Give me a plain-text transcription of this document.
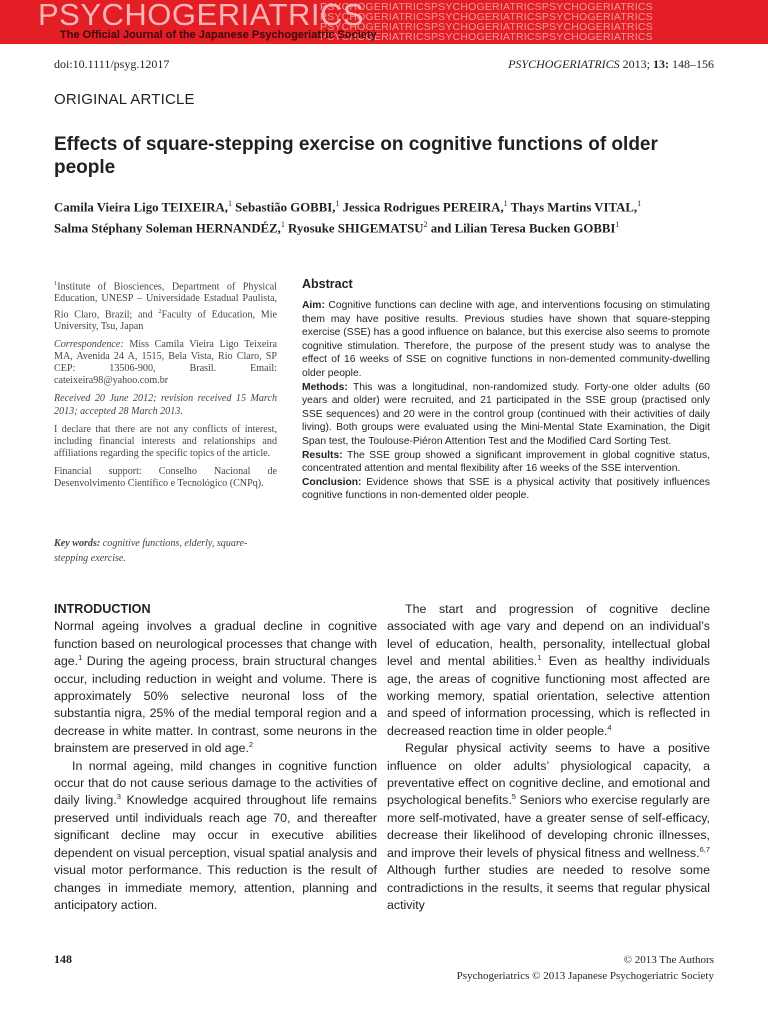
PSYCHOGERIATRICSPSYCHOGERIATRICSPSYCHOGERIATRICS
PSYCHOGERIATRICSPSYCHOGERIATRICSPSYCHOGERIATRICS
PSYCHOGERIATRICSPSYCHOGERIATRICSPSYCHOGERIATRICS
PSYCHOGERIATRICSPSYCHOGERIATRICSPSYCHOGERIATRICS
PSYCHOGERIATRICS
The Official Journal of the Japanese Psychogeriatric Society
doi:10.1111/psyg.12017	PSYCHOGERIATRICS 2013; 13: 148–156
ORIGINAL ARTICLE
Effects of square-stepping exercise on cognitive functions of older people
Camila Vieira Ligo TEIXEIRA,$^1$ Sebastião GOBBI,$^1$ Jessica Rodrigues PEREIRA,$^1$ Thays Martins VITAL,$^1$
Salma Stéphany Soleman HERNANDÉZ,$^1$ Ryosuke SHIGEMATSU$^2$ and Lilian Teresa Bucken GOBBI$^1$

$^1$Institute of Biosciences, Department of Physical Education, UNESP – Universidade Estadual Paulista, Rio Claro, Brazil; and $^2$Faculty of Education, Mie University, Tsu, Japan

Correspondence: Miss Camila Vieira Ligo Teixeira MA, Avenida 24 A, 1515, Bela Vista, Rio Claro, SP CEP: 13506-900, Brasil. Email: cateixeira98@yahoo.com.br

Received 20 June 2012; revision received 15 March 2013; accepted 28 March 2013.

I declare that there are not any conflicts of interest, including financial interests and relationships and affiliations regarding the specific topics of the article.

Financial support: Conselho Nacional de Desenvolvimento Científico e Tecnológico (CNPq).

Key words: cognitive functions, elderly, square-stepping exercise.
Abstract

Aim: Cognitive functions can decline with age, and interventions focusing on stimulating them may have positive results. Previous studies have shown that square-stepping exercise (SSE) has a good influence on balance, but this exercise also seems to promote cognitive stimulation. Therefore, the purpose of the present study was to analyse the effect of 16 weeks of SSE on cognitive functions in non-demented community-dwelling older people.

Methods: This was a longitudinal, non-randomized study. Forty-one older adults (60 years and older) were recruited, and 21 participated in the SSE group (practised only SSE sequences) and 20 were in the control group (continued with their activities of daily living). Both groups were evaluated using the Mini-Mental State Examination, the Digit Span test, the Toulouse-Piéron Attention Test and the Modified Card Sorting Test.

Results: The SSE group showed a significant improvement in global cognitive status, concentrated attention and mental flexibility after 16 weeks of the SSE intervention.

Conclusion: Evidence shows that SSE is a physical activity that positively influences cognitive functions in non-demented older people.

INTRODUCTION

Normal ageing involves a gradual decline in cognitive function based on neurological processes that change with age.$^1$ During the ageing process, brain structural changes occur, including reduction in weight and volume. There is approximately 50% selective neuronal loss of the substantia nigra, 25% of the medial temporal region and a decrease in white matter. In contrast, some neurons in the brainstem are preserved in old age.$^2$

In normal ageing, mild changes in cognitive function occur that do not cause serious damage to the activities of daily living.$^3$ Knowledge acquired throughout life remains preserved until individuals reach age 70, and thereafter significant decline may occur in executive abilities dependent on visual perception, visual spatial analysis and visual motor performance. This reduction is the result of changes in immediate memory, attention, planning and anticipatory action.

The start and progression of cognitive decline associated with age vary and depend on an individual’s level of education, health, personality, intellectual global level and mental abilities.$^1$ Even as healthy individuals age, the areas of cognitive functioning most affected are working memory, spatial orientation, selective attention and speed of information processing, which is reflected in decreased reaction time in older people.$^4$

Regular physical activity seems to have a positive influence on older adults’ physiological capacity, a preventative effect on cognitive decline, and emotional and psychological benefits.$^5$ Seniors who exercise regularly are more self-motivated, have a greater sense of self-efficacy, decrease their likelihood of developing chronic illnesses, and improve their levels of physical fitness and wellness.$^{6,7}$ Although further studies are needed to resolve some contradictions in the results, it seems that regular physical activity

148	© 2013 The Authors
Psychogeriatrics © 2013 Japanese Psychogeriatric Society
